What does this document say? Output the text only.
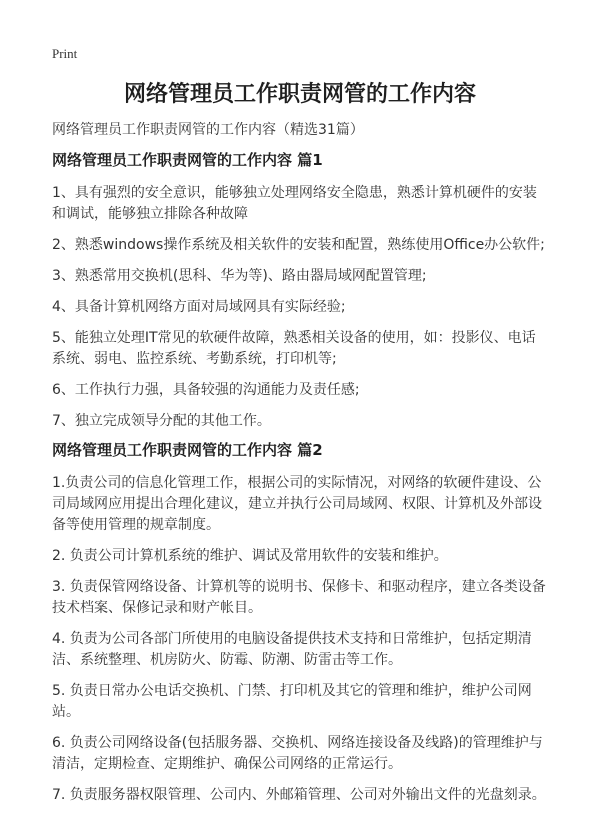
Print
网络管理员工作职责网管的工作内容

网络管理员工作职责网管的工作内容（精选31篇）

网络管理员工作职责网管的工作内容 篇1

1、具有强烈的安全意识，能够独立处理网络安全隐患，熟悉计算机硬件的安装和调试，能够独立排除各种故障

2、熟悉windows操作系统及相关软件的安装和配置，熟练使用Office办公软件;

3、熟悉常用交换机(思科、华为等)、路由器局域网配置管理;

4、具备计算机网络方面对局域网具有实际经验;

5、能独立处理IT常见的软硬件故障，熟悉相关设备的使用，如：投影仪、电话系统、弱电、监控系统、考勤系统，打印机等;

6、工作执行力强，具备较强的沟通能力及责任感;

7、独立完成领导分配的其他工作。

网络管理员工作职责网管的工作内容 篇2

1.负责公司的信息化管理工作，根据公司的实际情况，对网络的软硬件建设、公司局域网应用提出合理化建议，建立并执行公司局域网、权限、计算机及外部设备等使用管理的规章制度。

2. 负责公司计算机系统的维护、调试及常用软件的安装和维护。

3. 负责保管网络设备、计算机等的说明书、保修卡、和驱动程序，建立各类设备技术档案、保修记录和财产帐目。

4. 负责为公司各部门所使用的电脑设备提供技术支持和日常维护，包括定期清洁、系统整理、机房防火、防霉、防潮、防雷击等工作。

5. 负责日常办公电话交换机、门禁、打印机及其它的管理和维护，维护公司网站。

6. 负责公司网络设备(包括服务器、交换机、网络连接设备及线路)的管理维护与清洁，定期检查、定期维护、确保公司网络的正常运行。

7. 负责服务器权限管理、公司内、外邮箱管理、公司对外输出文件的光盘刻录。
